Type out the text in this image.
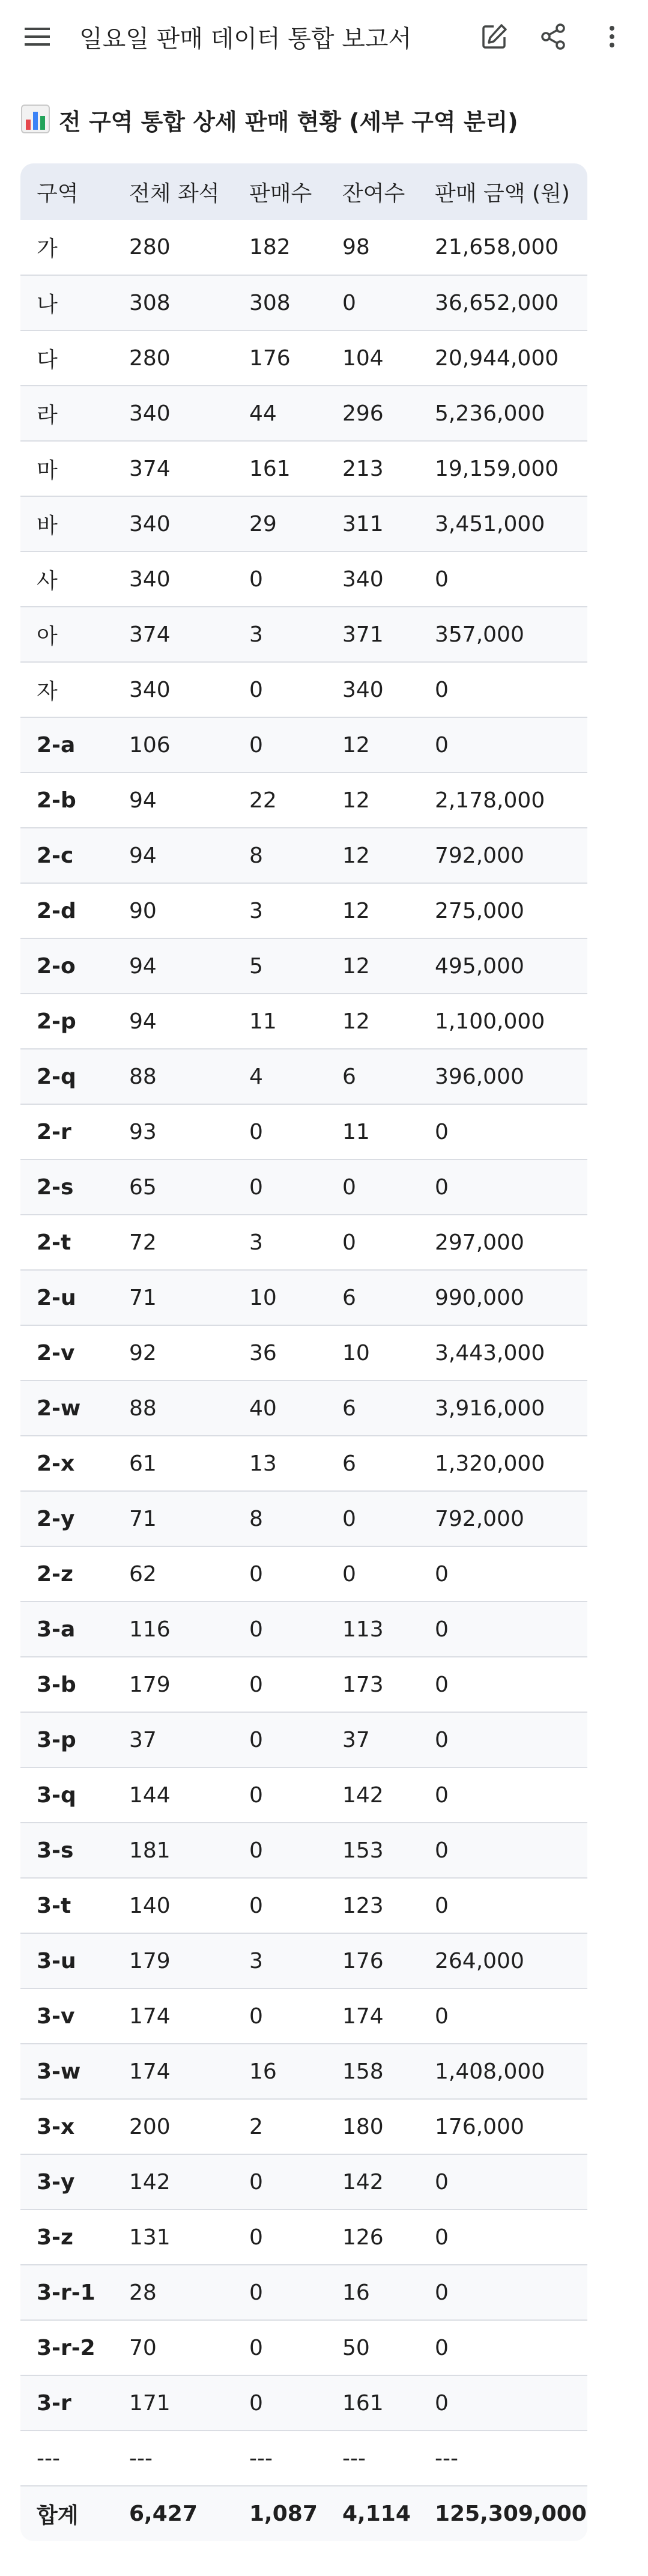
일요일 판매 데이터 통합 보고서
전 구역 통합 상세 판매 현황 (세부 구역 분리)
구역	전체 좌석	판매수	잔여수	판매 금액 (원)
가	280	182	98	21,658,000
나	308	308	0	36,652,000
다	280	176	104	20,944,000
라	340	44	296	5,236,000
마	374	161	213	19,159,000
바	340	29	311	3,451,000
사	340	0	340	0
아	374	3	371	357,000
자	340	0	340	0
2-a	106	0	12	0
2-b	94	22	12	2,178,000
2-c	94	8	12	792,000
2-d	90	3	12	275,000
2-o	94	5	12	495,000
2-p	94	11	12	1,100,000
2-q	88	4	6	396,000
2-r	93	0	11	0
2-s	65	0	0	0
2-t	72	3	0	297,000
2-u	71	10	6	990,000
2-v	92	36	10	3,443,000
2-w	88	40	6	3,916,000
2-x	61	13	6	1,320,000
2-y	71	8	0	792,000
2-z	62	0	0	0
3-a	116	0	113	0
3-b	179	0	173	0
3-p	37	0	37	0
3-q	144	0	142	0
3-s	181	0	153	0
3-t	140	0	123	0
3-u	179	3	176	264,000
3-v	174	0	174	0
3-w	174	16	158	1,408,000
3-x	200	2	180	176,000
3-y	142	0	142	0
3-z	131	0	126	0
3-r-1	28	0	16	0
3-r-2	70	0	50	0
3-r	171	0	161	0
---	---	---	---	---
합계	6,427	1,087	4,114	125,309,000
